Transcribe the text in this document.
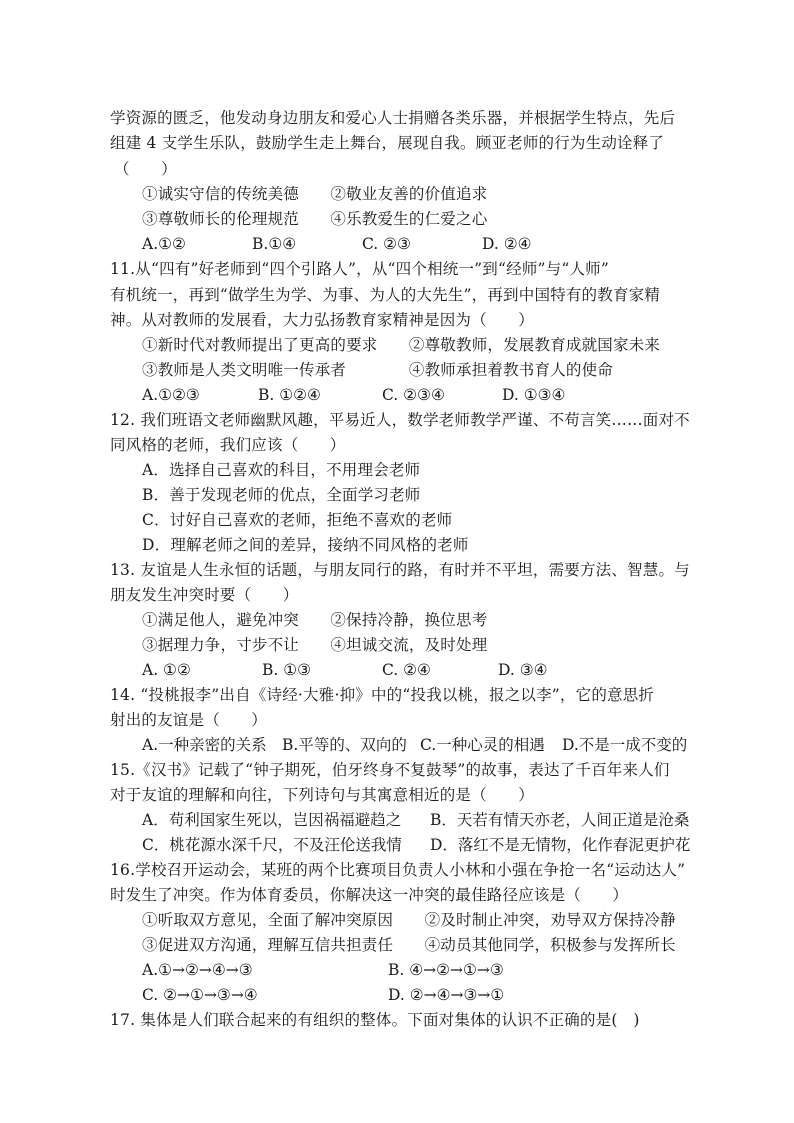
学资源的匮乏，他发动身边朋友和爱心人士捐赠各类乐器，并根据学生特点，先后
组建 4 支学生乐队，鼓励学生走上舞台，展现自我。顾亚老师的行为生动诠释了
（　　）
①诚实守信的传统美德　　②敬业友善的价值追求
③尊敬师长的伦理规范　　④乐教爱生的仁爱之心
A.①②	B.①④	C. ②③	D. ②④
11.从“四有”好老师到“四个引路人”，从“四个相统一”到“经师”与“人师”
有机统一，再到“做学生为学、为事、为人的大先生”，再到中国特有的教育家精
神。从对教师的发展看，大力弘扬教育家精神是因为（　　）
①新时代对教师提出了更高的要求　　②尊敬教师，发展教育成就国家未来
③教师是人类文明唯一传承者　　　　④教师承担着教书育人的使命
A.①②③	B. ①②④	C. ②③④	D. ①③④
12. 我们班语文老师幽默风趣，平易近人，数学老师教学严谨、不苟言笑……面对不
同风格的老师，我们应该（　　）
A．选择自己喜欢的科目，不用理会老师
B．善于发现老师的优点，全面学习老师
C．讨好自己喜欢的老师，拒绝不喜欢的老师
D．理解老师之间的差异，接纳不同风格的老师
13. 友谊是人生永恒的话题，与朋友同行的路，有时并不平坦，需要方法、智慧。与
朋友发生冲突时要（　　）
①满足他人，避免冲突　　②保持冷静，换位思考
③据理力争，寸步不让　　④坦诚交流，及时处理
A. ①②	B. ①③	C. ②④	D. ③④
14. “投桃报李”出自《诗经·大雅·抑》中的“投我以桃，报之以李”，它的意思折
射出的友谊是（　　）
A.一种亲密的关系 B.平等的、双向的 C.一种心灵的相遇 D.不是一成不变的
15.《汉书》记载了“钟子期死，伯牙终身不复鼓琴”的故事，表达了千百年来人们
对于友谊的理解和向往，下列诗句与其寓意相近的是（　　）
A．苟利国家生死以，岂因祸福避趋之 B．天若有情天亦老，人间正道是沧桑
C．桃花源水深千尺，不及汪伦送我情 D．落红不是无情物，化作春泥更护花
16.学校召开运动会，某班的两个比赛项目负责人小林和小强在争抢一名“运动达人”
时发生了冲突。作为体育委员，你解决这一冲突的最佳路径应该是（　　）
①听取双方意见，全面了解冲突原因　　②及时制止冲突，劝导双方保持冷静
③促进双方沟通，理解互信共担责任　　④动员其他同学，积极参与发挥所长
A.①→②→④→③	B. ④→②→①→③
C. ②→①→③→④	D. ②→④→③→①
17. 集体是人们联合起来的有组织的整体。下面对集体的认识不正确的是(　)
